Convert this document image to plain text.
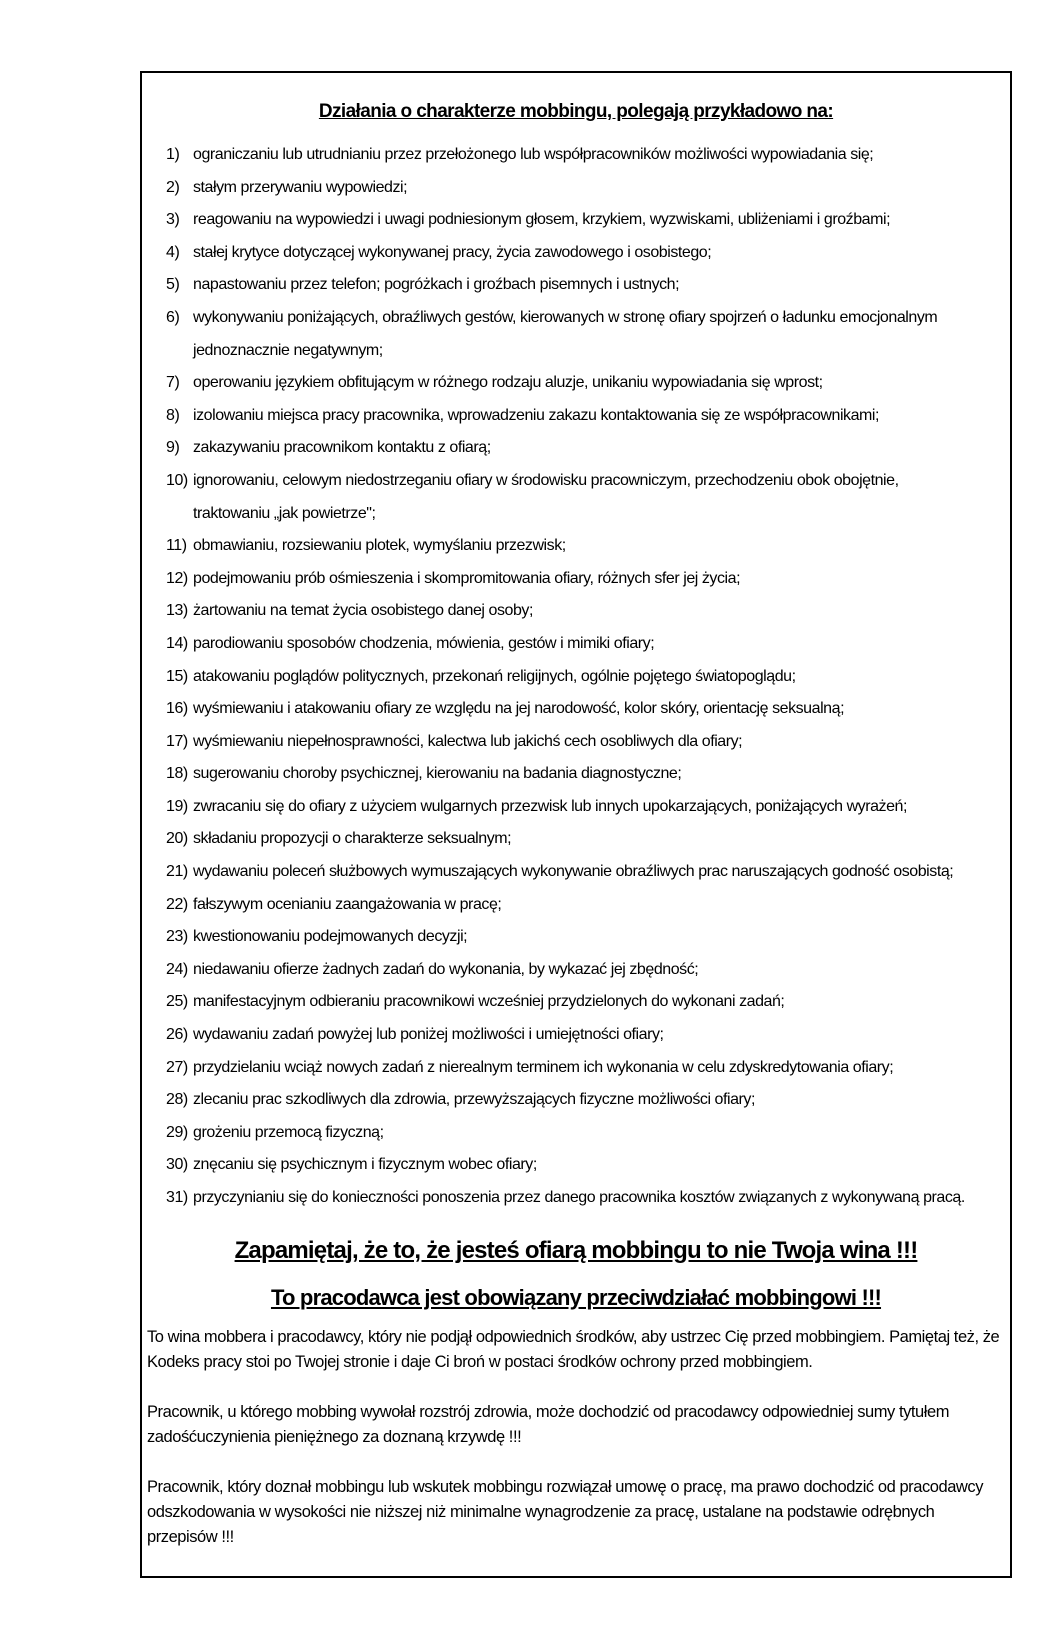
Działania o charakterze mobbingu, polegają przykładowo na:
1) ograniczaniu lub utrudnianiu przez przełożonego lub współpracowników możliwości wypowiadania się;
2) stałym przerywaniu wypowiedzi;
3) reagowaniu na wypowiedzi i uwagi podniesionym głosem, krzykiem, wyzwiskami, ubliżeniami i groźbami;
4) stałej krytyce dotyczącej wykonywanej pracy, życia zawodowego i osobistego;
5) napastowaniu przez telefon; pogróżkach i groźbach pisemnych i ustnych;
6) wykonywaniu poniżających, obraźliwych gestów, kierowanych w stronę ofiary spojrzeń o ładunku emocjonalnym jednoznacznie negatywnym;
7) operowaniu językiem obfitującym w różnego rodzaju aluzje, unikaniu wypowiadania się wprost;
8) izolowaniu miejsca pracy pracownika, wprowadzeniu zakazu kontaktowania się ze współpracownikami;
9) zakazywaniu pracownikom kontaktu z ofiarą;
10) ignorowaniu, celowym niedostrzeganiu ofiary w środowisku pracowniczym, przechodzeniu obok obojętnie, traktowaniu „jak powietrze";
11) obmawianiu, rozsiewaniu plotek, wymyślaniu przezwisk;
12) podejmowaniu prób ośmieszenia i skompromitowania ofiary, różnych sfer jej życia;
13) żartowaniu na temat życia osobistego danej osoby;
14) parodiowaniu sposobów chodzenia, mówienia, gestów i mimiki ofiary;
15) atakowaniu poglądów politycznych, przekonań religijnych, ogólnie pojętego światopoglądu;
16) wyśmiewaniu i atakowaniu ofiary ze względu na jej narodowość, kolor skóry, orientację seksualną;
17) wyśmiewaniu niepełnosprawności, kalectwa lub jakichś cech osobliwych dla ofiary;
18) sugerowaniu choroby psychicznej, kierowaniu na badania diagnostyczne;
19) zwracaniu się do ofiary z użyciem wulgarnych przezwisk lub innych upokarzających, poniżających wyrażeń;
20) składaniu propozycji o charakterze seksualnym;
21) wydawaniu poleceń służbowych wymuszających wykonywanie obraźliwych prac naruszających godność osobistą;
22) fałszywym ocenianiu zaangażowania w pracę;
23) kwestionowaniu podejmowanych decyzji;
24) niedawaniu ofierze żadnych zadań do wykonania, by wykazać jej zbędność;
25) manifestacyjnym odbieraniu pracownikowi wcześniej przydzielonych do wykonani zadań;
26) wydawaniu zadań powyżej lub poniżej możliwości i umiejętności ofiary;
27) przydzielaniu wciąż nowych zadań z nierealnym terminem ich wykonania w celu zdyskredytowania ofiary;
28) zlecaniu prac szkodliwych dla zdrowia, przewyższających fizyczne możliwości ofiary;
29) grożeniu przemocą fizyczną;
30) znęcaniu się psychicznym i fizycznym wobec ofiary;
31) przyczynianiu się do konieczności ponoszenia przez danego pracownika kosztów związanych z wykonywaną pracą.
Zapamiętaj, że to, że jesteś ofiarą mobbingu to nie Twoja wina !!!
To pracodawca jest obowiązany przeciwdziałać mobbingowi !!!

To wina mobbera i pracodawcy, który nie podjął odpowiednich środków, aby ustrzec Cię przed mobbingiem. Pamiętaj też, że Kodeks pracy stoi po Twojej stronie i daje Ci broń w postaci środków ochrony przed mobbingiem.

Pracownik, u którego mobbing wywołał rozstrój zdrowia, może dochodzić od pracodawcy odpowiedniej sumy tytułem zadośćuczynienia pieniężnego za doznaną krzywdę !!!

Pracownik, który doznał mobbingu lub wskutek mobbingu rozwiązał umowę o pracę, ma prawo dochodzić od pracodawcy odszkodowania w wysokości nie niższej niż minimalne wynagrodzenie za pracę, ustalane na podstawie odrębnych przepisów !!!
